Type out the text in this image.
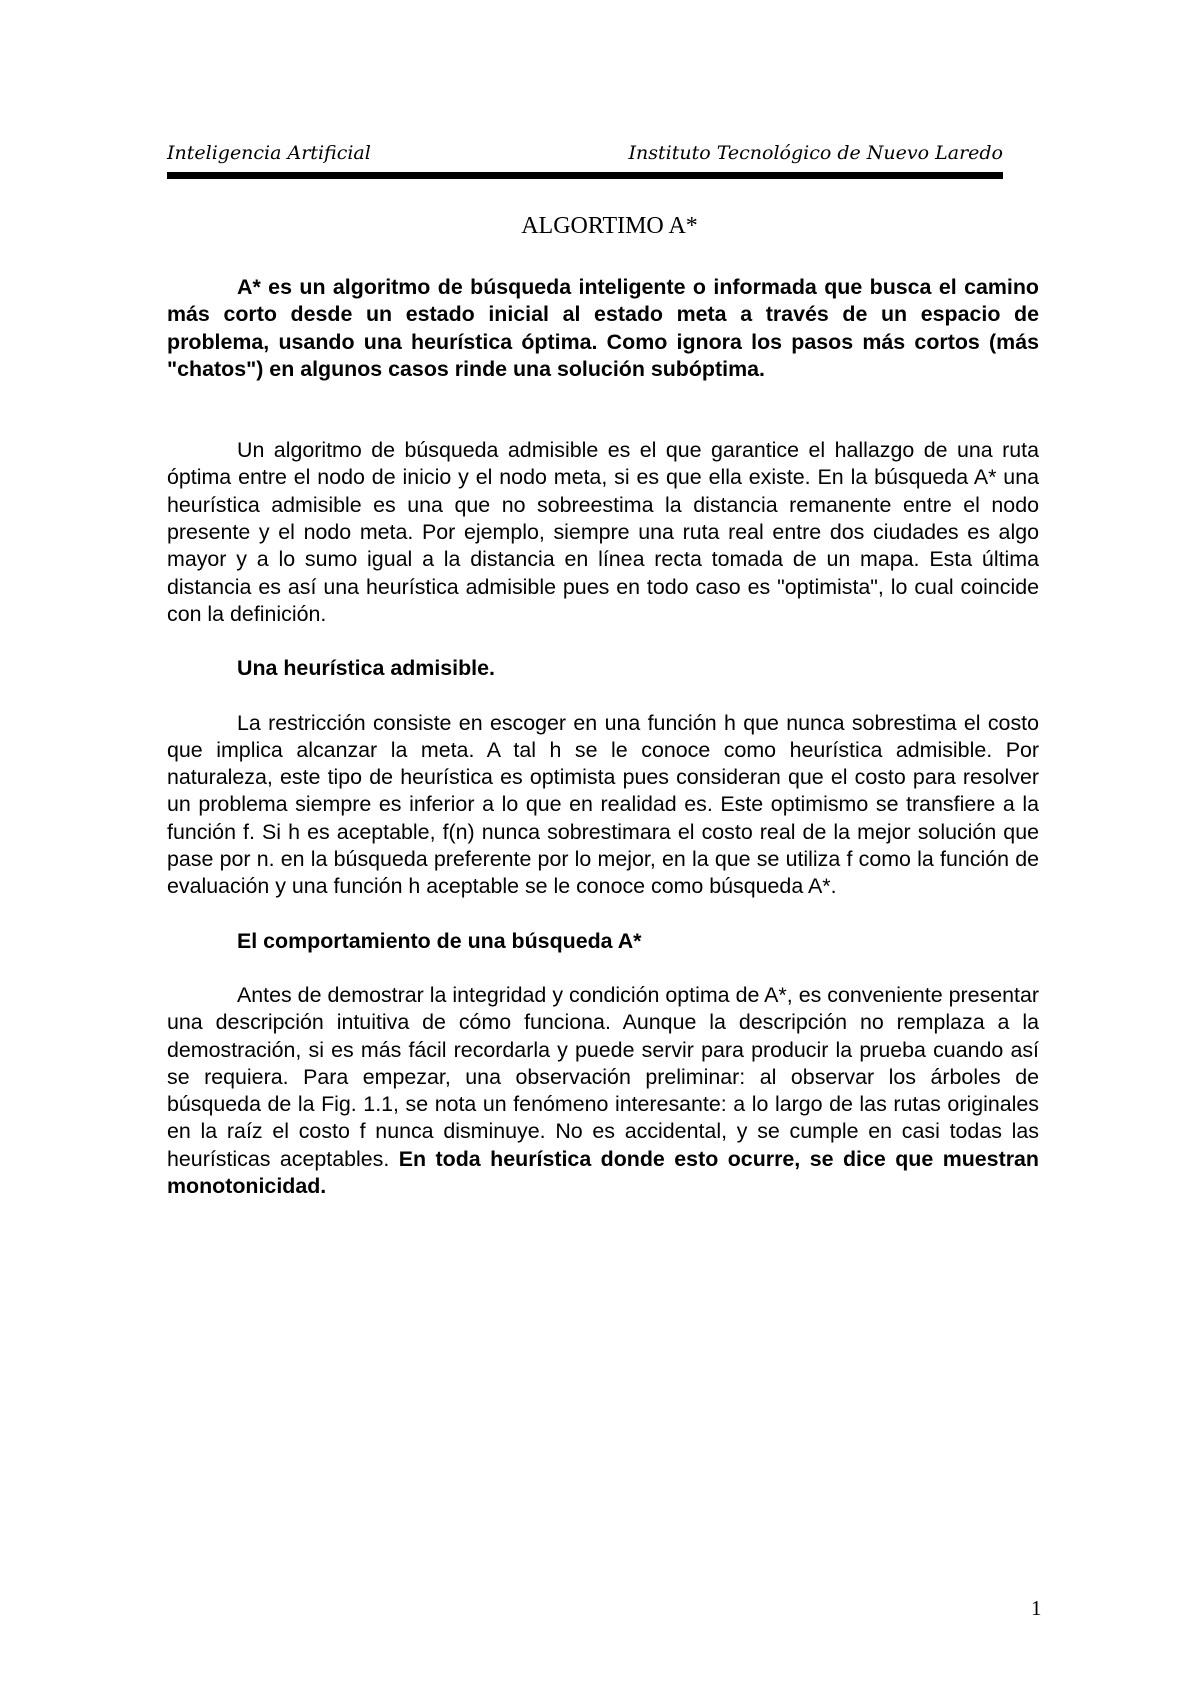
Inteligencia Artificial	Instituto Tecnológico de Nuevo Laredo
ALGORTIMO A*

A* es un algoritmo de búsqueda inteligente o informada que busca el camino más corto desde un estado inicial al estado meta a través de un espacio de problema, usando una heurística óptima. Como ignora los pasos más cortos (más "chatos") en algunos casos rinde una solución subóptima.

Un algoritmo de búsqueda admisible es el que garantice el hallazgo de una ruta óptima entre el nodo de inicio y el nodo meta, si es que ella existe. En la búsqueda A* una heurística admisible es una que no sobreestima la distancia remanente entre el nodo presente y el nodo meta. Por ejemplo, siempre una ruta real entre dos ciudades es algo mayor y a lo sumo igual a la distancia en línea recta tomada de un mapa. Esta última distancia es así una heurística admisible pues en todo caso es "optimista", lo cual coincide con la definición.

Una heurística admisible.

La restricción consiste en escoger en una función h que nunca sobrestima el costo que implica alcanzar la meta. A tal h se le conoce como heurística admisible. Por naturaleza, este tipo de heurística es optimista pues consideran que el costo para resolver un problema siempre es inferior a lo que en realidad es. Este optimismo se transfiere a la función f. Si h es aceptable, f(n) nunca sobrestimara el costo real de la mejor solución que pase por n. en la búsqueda preferente por lo mejor, en la que se utiliza f como la función de evaluación y una función h aceptable se le conoce como búsqueda A*.

El comportamiento de una búsqueda A*

Antes de demostrar la integridad y condición optima de A*, es conveniente presentar una descripción intuitiva de cómo funciona. Aunque la descripción no remplaza a la demostración, si es más fácil recordarla y puede servir para producir la prueba cuando así se requiera. Para empezar, una observación preliminar: al observar los árboles de búsqueda de la Fig. 1.1, se nota un fenómeno interesante: a lo largo de las rutas originales en la raíz el costo f nunca disminuye. No es accidental, y se cumple en casi todas las heurísticas aceptables. En toda heurística donde esto ocurre, se dice que muestran monotonicidad.

1
